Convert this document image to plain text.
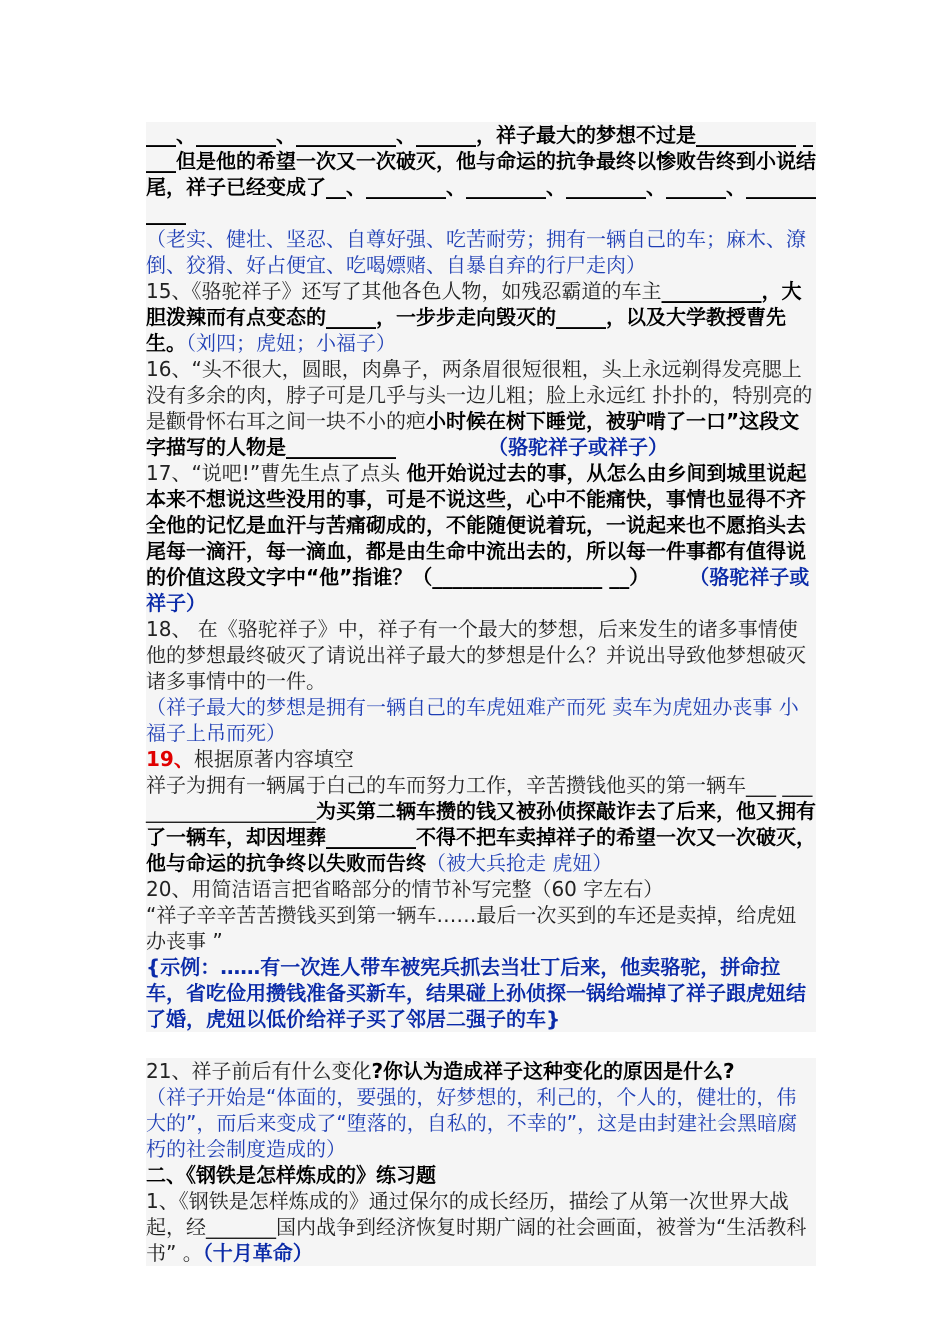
___、________、__________、______，祥子最大的梦想不过是__________ ____但是他的希望一次又一次破灭，他与命运的抗争最终以惨败告终到小说结尾，祥子已经变成了__、________、________、________、______、___________

（老实、健壮、坚忍、自尊好强、吃苦耐劳；拥有一辆自己的车；麻木、潦倒、狡猾、好占便宜、吃喝嫖赌、自暴自弃的行尸走肉）

15、《骆驼祥子》还写了其他各色人物，如残忍霸道的车主__________，大胆泼辣而有点变态的_____，一步步走向毁灭的_____，以及大学教授曹先生。（刘四；虎妞；小福子）

16、“头不很大，圆眼，肉鼻子，两条眉很短很粗，头上永远剃得发亮腮上没有多余的肉，脖子可是几乎与头一边儿粗；脸上永远红 扑扑的，特别亮的是颧骨怀右耳之间一块不小的疤小时候在树下睡觉，被驴啃了一口”这段文字描写的人物是___________	（骆驼祥子或祥子）

17、“说吧!”曹先生点了点头 他开始说过去的事，从怎么由乡间到城里说起本来不想说这些没用的事，可是不说这些，心中不能痛快，事情也显得不齐全他的记忆是血汗与苦痛砌成的，不能随便说着玩，一说起来也不愿掐头去尾每一滴汗，每一滴血，都是由生命中流出去的，所以每一件事都有值得说的价值这段文字中“他”指谁？（_________________ __） （骆驼祥子或祥子）

18、 在《骆驼祥子》中，祥子有一个最大的梦想，后来发生的诸多事情使他的梦想最终破灭了请说出祥子最大的梦想是什么？并说出导致他梦想破灭诸多事情中的一件。

（祥子最大的梦想是拥有一辆自己的车虎妞难产而死 卖车为虎妞办丧事 小福子上吊而死）

19、根据原著内容填空

祥子为拥有一辆属于白己的车而努力工作，辛苦攒钱他买的第一辆车___ ____________________为买第二辆车攒的钱又被孙侦探敲诈去了后来，他又拥有了一辆车，却因埋葬_________不得不把车卖掉祥子的希望一次又一次破灭，他与命运的抗争终以失败而告终（被大兵抢走 虎妞）

20、用简洁语言把省略部分的情节补写完整（60 字左右）

“祥子辛辛苦苦攒钱买到第一辆车……最后一次买到的车还是卖掉，给虎妞办丧事 ”

{示例：……有一次连人带车被宪兵抓去当壮丁后来，他卖骆驼，拼命拉车，省吃俭用攒钱准备买新车，结果碰上孙侦探一锅给端掉了祥子跟虎妞结了婚，虎妞以低价给祥子买了邻居二强子的车}

21、祥子前后有什么变化?你认为造成祥子这种变化的原因是什么?

（祥子开始是“体面的，要强的，好梦想的，利己的，个人的，健壮的，伟大的”，而后来变成了“堕落的，自私的，不幸的”，这是由封建社会黑暗腐朽的社会制度造成的）

二、《钢铁是怎样炼成的》练习题

1、《钢铁是怎样炼成的》通过保尔的成长经历，描绘了从第一次世界大战起，经_______国内战争到经济恢复时期广阔的社会画面，被誉为“生活教科书” 。（十月革命）
